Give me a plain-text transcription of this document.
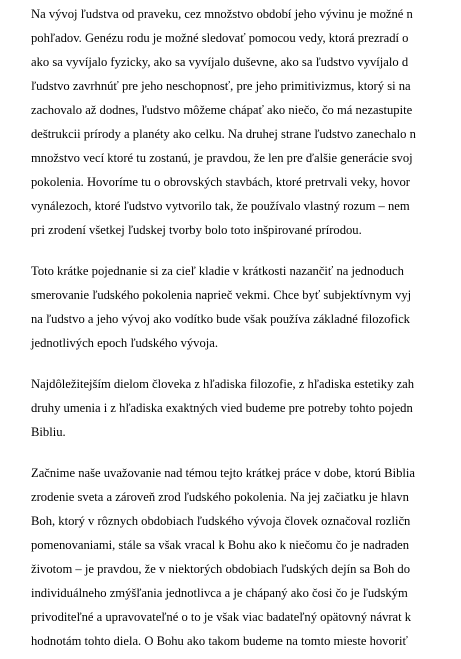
Na vývoj ľudstva od praveku, cez množstvo období jeho vývinu je možné n
pohľadov. Genézu rodu je možné sledovať pomocou vedy, ktorá prezradí o
ako sa vyvíjalo fyzicky, ako sa vyvíjalo duševne, ako sa ľudstvo vyvíjalo d
ľudstvo zavrhnúť pre jeho neschopnosť, pre jeho primitivizmus, ktorý si na
zachovalo až dodnes, ľudstvo môžeme chápať ako niečo, čo má nezastupite
deštrukcii prírody a planéty ako celku. Na druhej strane ľudstvo zanechalo n
množstvo vecí ktoré tu zostanú, je pravdou, že len pre ďalšie generácie svoj
pokolenia. Hovoríme tu o obrovských stavbách, ktoré pretrvali veky, hovor
vynálezoch, ktoré ľudstvo vytvorilo tak, že používalo vlastný rozum – nem
pri zrodení všetkej ľudskej tvorby bolo toto inšpirované prírodou.
Toto krátke pojednanie si za cieľ kladie v krátkosti nazančiť na jednoduch
smerovanie ľudského pokolenia naprieč vekmi. Chce byť subjektívnym vyj
na ľudstvo a jeho vývoj ako vodítko bude však používa základné filozofick
jednotlivých epoch ľudského vývoja.
Najdôležitejším dielom človeka z hľadiska filozofie, z hľadiska estetiky zah
druhy umenia i z hľadiska exaktných vied budeme pre potreby tohto pojedn
Bibliu.
Začnime naše uvažovanie nad témou tejto krátkej práce v dobe, ktorú Biblia
zrodenie sveta a zároveň zrod ľudského pokolenia. Na jej začiatku je hlavn
Boh, ktorý v rôznych obdobiach ľudského vývoja človek označoval rozličn
pomenovaniami, stále sa však vracal k Bohu ako k niečomu čo je nadraden
životom – je pravdou, že v niektorých obdobiach ľudských dejín sa Boh do
individuálneho zmýšľania jednotlivca a je chápaný ako čosi čo je ľudským
privoditeľné a upravovateľné o to je však viac badateľný opätovný návrat k
hodnotám tohto diela. O Bohu ako takom budeme na tomto mieste hovoriť
